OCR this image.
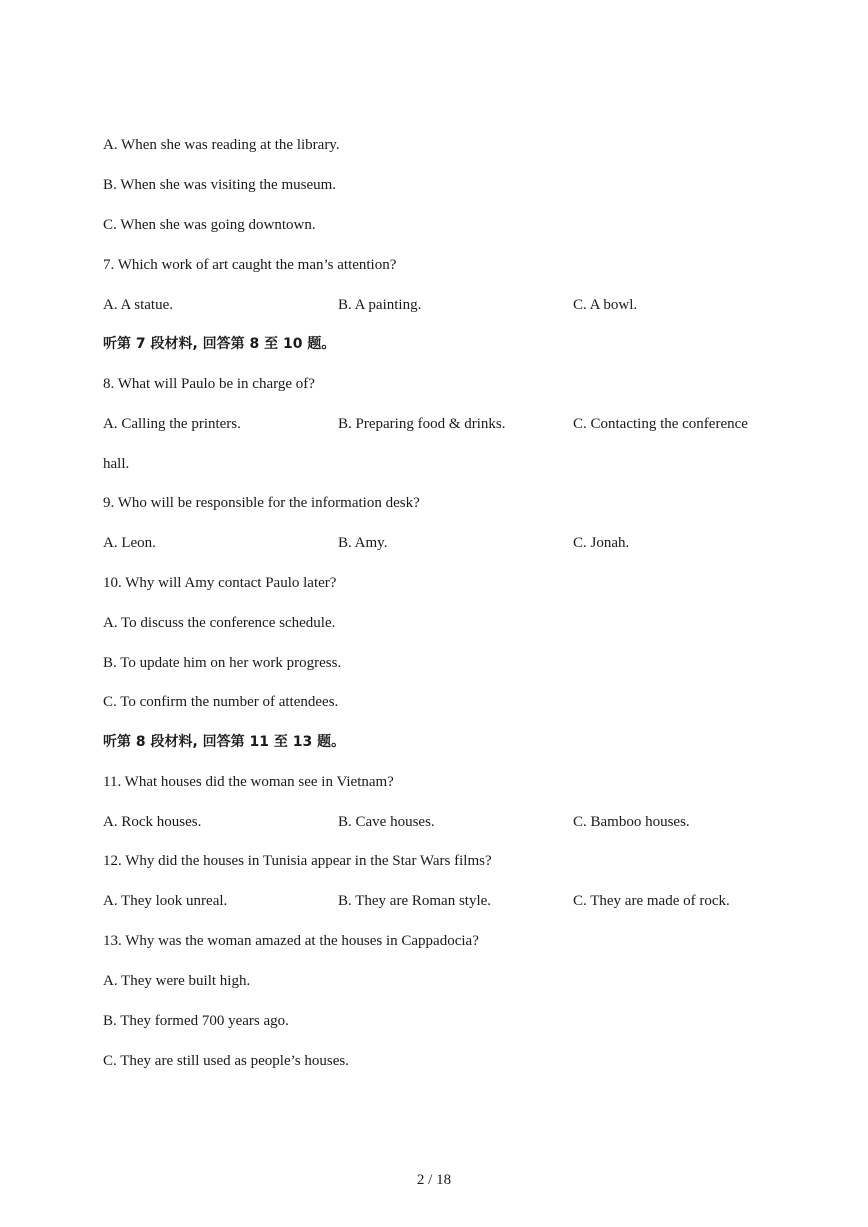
A. When she was reading at the library.
B. When she was visiting the museum.
C. When she was going downtown.
7. Which work of art caught the man’s attention?
A. A statue.	B. A painting.	C. A bowl.
听第 7 段材料, 回答第 8 至 10 题。
8. What will Paulo be in charge of?
A. Calling the printers.	B. Preparing food & drinks.	C. Contacting the conference
hall.
9. Who will be responsible for the information desk?
A. Leon.	B. Amy.	C. Jonah.
10. Why will Amy contact Paulo later?
A. To discuss the conference schedule.
B. To update him on her work progress.
C. To confirm the number of attendees.
听第 8 段材料, 回答第 11 至 13 题。
11. What houses did the woman see in Vietnam?
A. Rock houses.	B. Cave houses.	C. Bamboo houses.
12. Why did the houses in Tunisia appear in the Star Wars films?
A. They look unreal.	B. They are Roman style.	C. They are made of rock.
13. Why was the woman amazed at the houses in Cappadocia?
A. They were built high.
B. They formed 700 years ago.
C. They are still used as people’s houses.
2 / 18
